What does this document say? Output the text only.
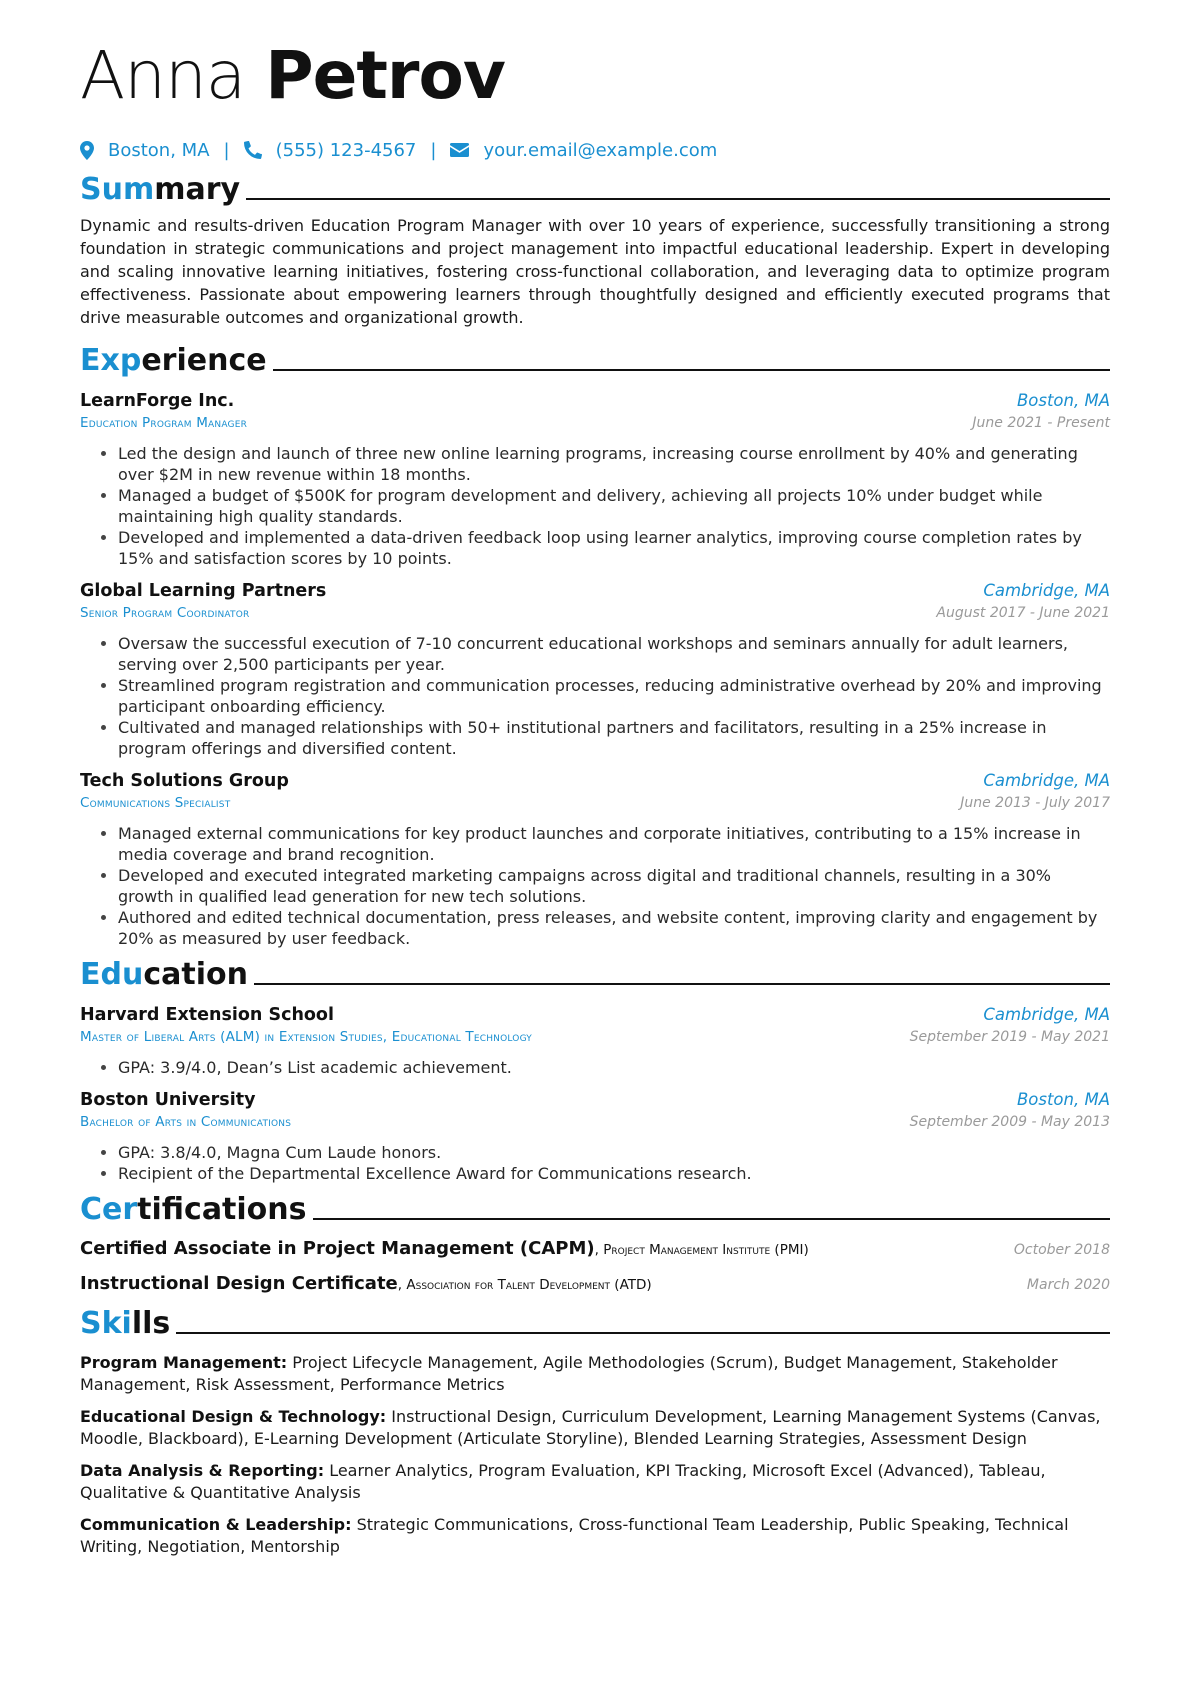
Anna Petrov
Boston, MA |	(555) 123-4567 |	your.email@example.com
Summary
Dynamic and results-driven Education Program Manager with over 10 years of experience, successfully transitioning a strong foundation in strategic communications and project management into impactful educational leadership. Expert in developing and scaling innovative learning initiatives, fostering cross-functional collaboration, and leveraging data to optimize program effectiveness. Passionate about empowering learners through thoughtfully designed and efficiently executed programs that drive measurable outcomes and organizational growth.
Experience
LearnForge Inc.	Boston, MA
Education Program Manager	June 2021 - Present
• Led the design and launch of three new online learning programs, increasing course enrollment by 40% and generating over $2M in new revenue within 18 months.
• Managed a budget of $500K for program development and delivery, achieving all projects 10% under budget while maintaining high quality standards.
• Developed and implemented a data-driven feedback loop using learner analytics, improving course completion rates by 15% and satisfaction scores by 10 points.
Global Learning Partners	Cambridge, MA
Senior Program Coordinator	August 2017 - June 2021
• Oversaw the successful execution of 7-10 concurrent educational workshops and seminars annually for adult learners, serving over 2,500 participants per year.
• Streamlined program registration and communication processes, reducing administrative overhead by 20% and improving participant onboarding efficiency.
• Cultivated and managed relationships with 50+ institutional partners and facilitators, resulting in a 25% increase in program offerings and diversified content.
Tech Solutions Group	Cambridge, MA
Communications Specialist	June 2013 - July 2017
• Managed external communications for key product launches and corporate initiatives, contributing to a 15% increase in media coverage and brand recognition.
• Developed and executed integrated marketing campaigns across digital and traditional channels, resulting in a 30% growth in qualified lead generation for new tech solutions.
• Authored and edited technical documentation, press releases, and website content, improving clarity and engagement by 20% as measured by user feedback.
Education
Harvard Extension School	Cambridge, MA
Master of Liberal Arts (ALM) in Extension Studies, Educational Technology	September 2019 - May 2021
• GPA: 3.9/4.0, Dean’s List academic achievement.
Boston University	Boston, MA
Bachelor of Arts in Communications	September 2009 - May 2013
• GPA: 3.8/4.0, Magna Cum Laude honors.
• Recipient of the Departmental Excellence Award for Communications research.
Certifications
Certified Associate in Project Management (CAPM), Project Management Institute (PMI)	October 2018
Instructional Design Certificate, Association for Talent Development (ATD)	March 2020
Skills
Program Management: Project Lifecycle Management, Agile Methodologies (Scrum), Budget Management, Stakeholder Management, Risk Assessment, Performance Metrics
Educational Design & Technology: Instructional Design, Curriculum Development, Learning Management Systems (Canvas, Moodle, Blackboard), E-Learning Development (Articulate Storyline), Blended Learning Strategies, Assessment Design
Data Analysis & Reporting: Learner Analytics, Program Evaluation, KPI Tracking, Microsoft Excel (Advanced), Tableau, Qualitative & Quantitative Analysis
Communication & Leadership: Strategic Communications, Cross-functional Team Leadership, Public Speaking, Technical Writing, Negotiation, Mentorship
